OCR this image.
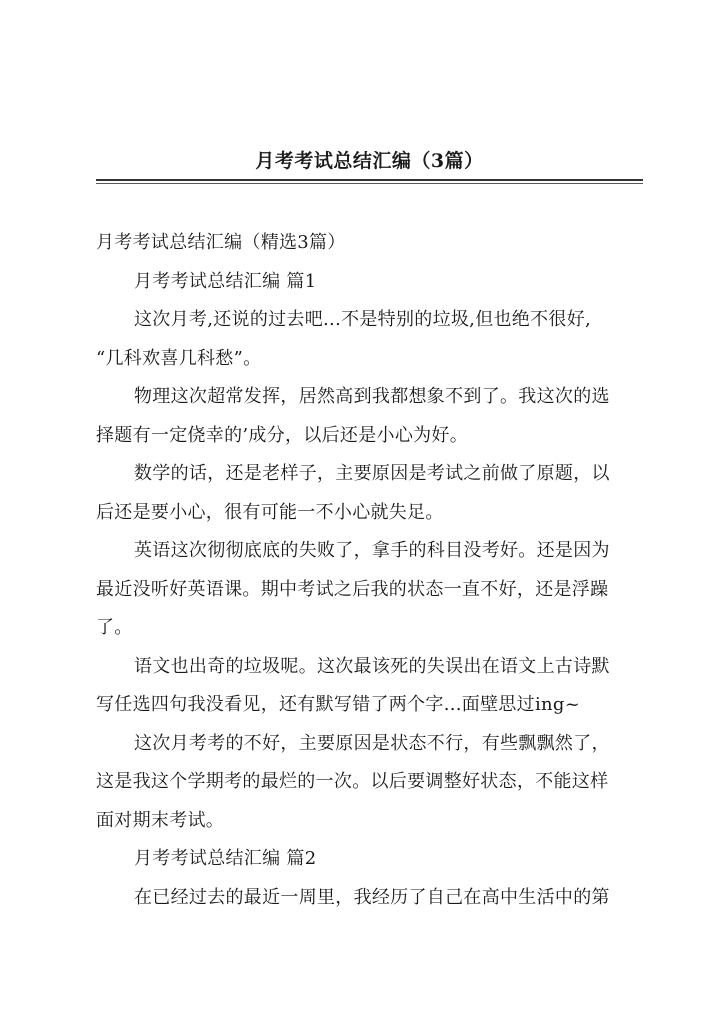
月考考试总结汇编（3篇）
月考考试总结汇编（精选3篇）
月考考试总结汇编 篇1
这次月考,还说的过去吧...不是特别的垃圾,但也绝不很好,
“几科欢喜几科愁”。
物理这次超常发挥，居然高到我都想象不到了。我这次的选
择题有一定侥幸的’成分，以后还是小心为好。
数学的话，还是老样子，主要原因是考试之前做了原题，以
后还是要小心，很有可能一不小心就失足。
英语这次彻彻底底的失败了，拿手的科目没考好。还是因为
最近没听好英语课。期中考试之后我的状态一直不好，还是浮躁
了。
语文也出奇的垃圾呢。这次最该死的失误出在语文上古诗默
写任选四句我没看见，还有默写错了两个字...面壁思过ing~
这次月考考的不好，主要原因是状态不行，有些飘飘然了，
这是我这个学期考的最烂的一次。以后要调整好状态，不能这样
面对期末考试。
月考考试总结汇编 篇2
在已经过去的最近一周里，我经历了自己在高中生活中的第
